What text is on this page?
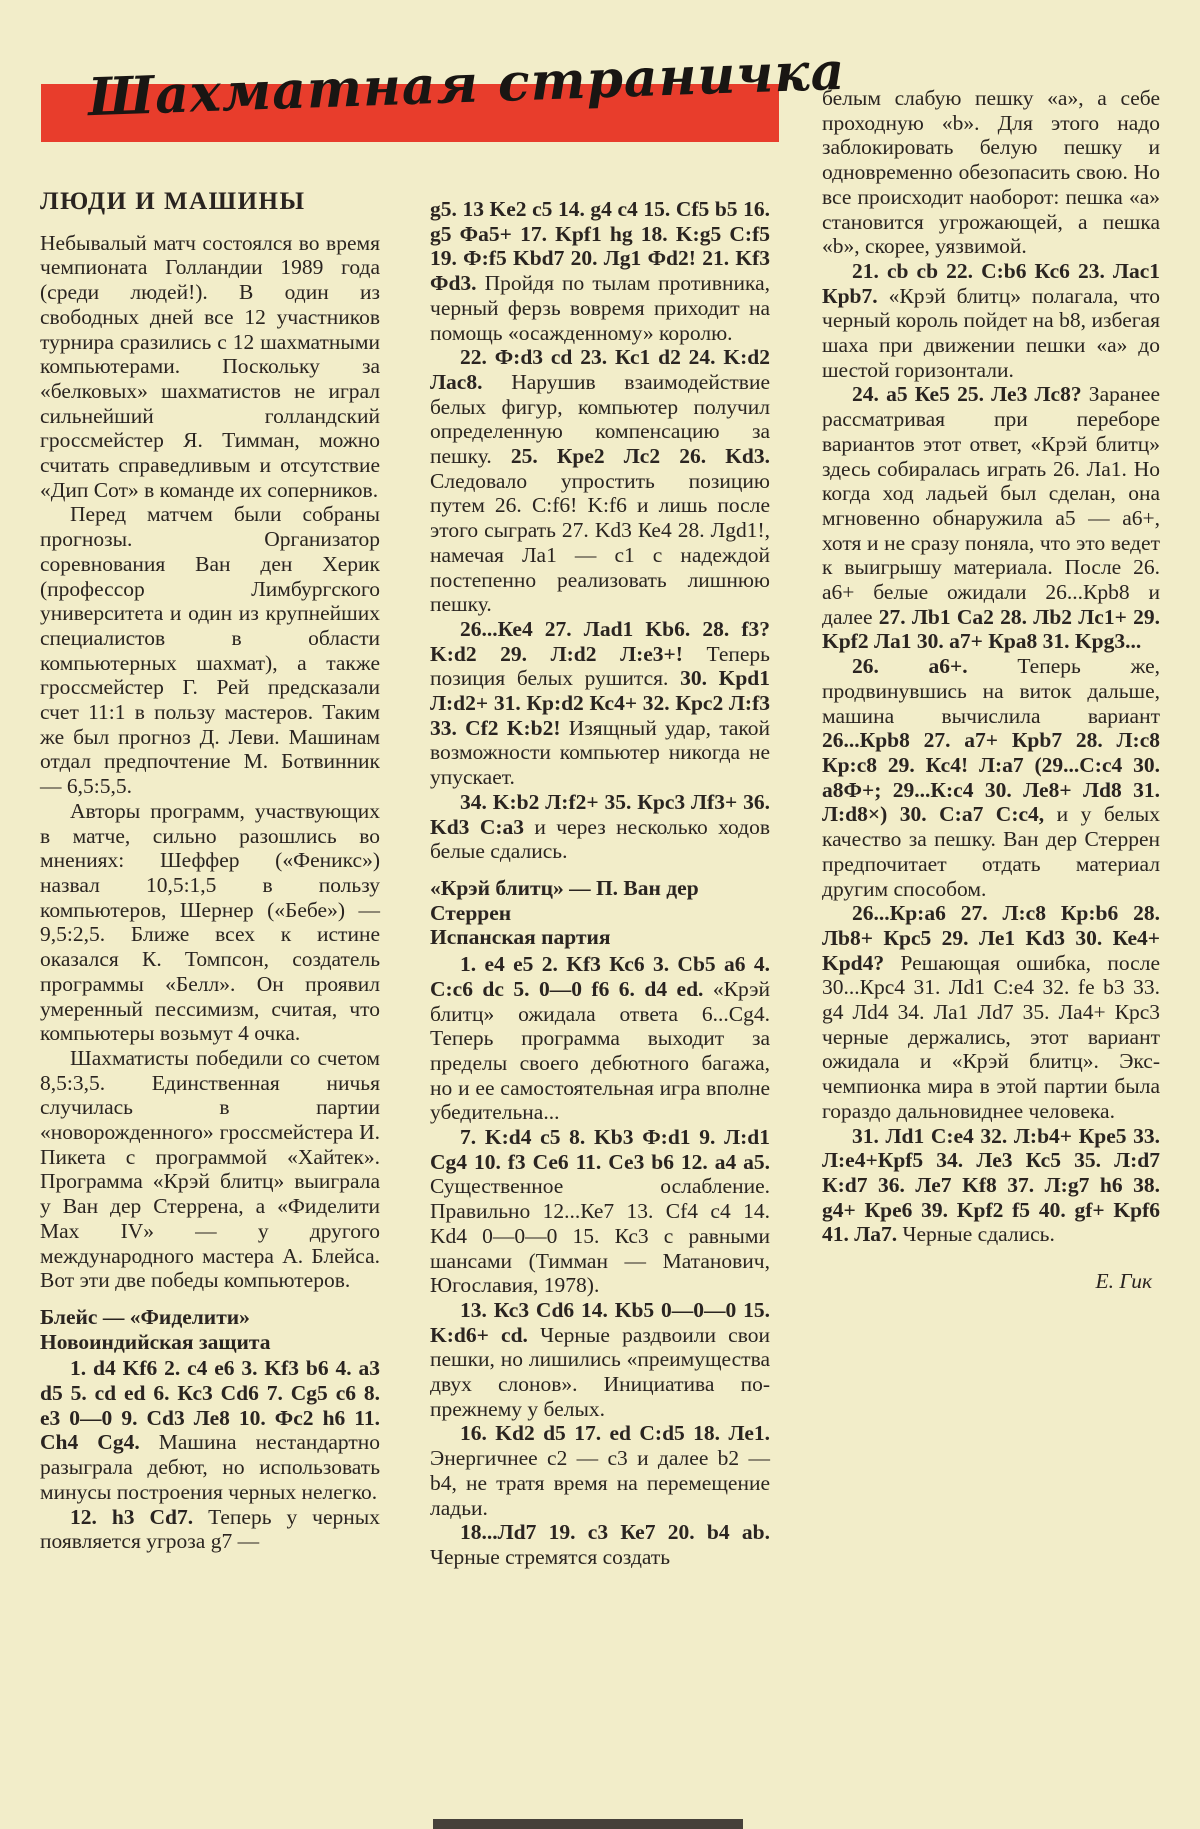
Шахматная страничка
ЛЮДИ И МАШИНЫ

Небывалый матч состоялся во время чемпионата Голландии 1989 года (среди людей!). В один из свободных дней все 12 участников турнира сразились с 12 шахматными компьютерами. Поскольку за «белковых» шахматистов не играл сильнейший голландский гроссмейстер Я. Тимман, можно считать справедливым и отсутствие «Дип Сот» в команде их соперников.

Перед матчем были собраны прогнозы. Организатор соревнования Ван ден Херик (профессор Лимбургского университета и один из крупнейших специалистов в области компьютерных шахмат), а также гроссмейстер Г. Рей предсказали счет 11:1 в пользу мастеров. Таким же был прогноз Д. Леви. Машинам отдал предпочтение М. Ботвинник — 6,5:5,5.

Авторы программ, участвующих в матче, сильно разошлись во мнениях: Шеффер («Феникс») назвал 10,5:1,5 в пользу компьютеров, Шернер («Бебе») — 9,5:2,5. Ближе всех к истине оказался К. Томпсон, создатель программы «Белл». Он проявил умеренный пессимизм, считая, что компьютеры возьмут 4 очка.

Шахматисты победили со счетом 8,5:3,5. Единственная ничья случилась в партии «новорожденного» гроссмейстера И. Пикета с программой «Хайтек». Программа «Крэй блитц» выиграла у Ван дер Стеррена, а «Фиделити Мах IV» — у другого международного мастера А. Блейса. Вот эти две победы компьютеров.

Блейс — «Фиделити»
Новоиндийская защита

1. d4 Kf6 2. c4 e6 3. Kf3 b6 4. a3 d5 5. cd ed 6. Кс3 Cd6 7. Cg5 c6 8. e3 0—0 9. Cd3 Ле8 10. Фс2 h6 11. Ch4 Cg4. Машина нестандартно разыграла дебют, но использовать минусы построения черных нелегко.

12. h3 Cd7. Теперь у черных появляется угроза g7 —

g5. 13 Ke2 c5 14. g4 c4 15. Cf5 b5 16. g5 Фа5+ 17. Kpf1 hg 18. K:g5 C:f5 19. Ф:f5 Kbd7 20. Лg1 Фd2! 21. Kf3 Фd3. Пройдя по тылам противника, черный ферзь вовремя приходит на помощь «осажденному» королю.

22. Ф:d3 cd 23. Кс1 d2 24. K:d2 Лас8. Нарушив взаимодействие белых фигур, компьютер получил определенную компенсацию за пешку. 25. Кре2 Лс2 26. Kd3. Следовало упростить позицию путем 26. C:f6! K:f6 и лишь после этого сыграть 27. Kd3 Ке4 28. Лgd1!, намечая Ла1 — с1 с надеждой постепенно реализовать лишнюю пешку.

26...Ке4 27. Лad1 Kb6. 28. f3? K:d2 29. Л:d2 Л:е3+! Теперь позиция белых рушится. 30. Kpd1 Л:d2+ 31. Кр:d2 Кс4+ 32. Крс2 Л:f3 33. Cf2 K:b2! Изящный удар, такой возможности компьютер никогда не упускает.

34. K:b2 Л:f2+ 35. Крс3 Лf3+ 36. Kd3 С:а3 и через несколько ходов белые сдались.

«Крэй блитц» — П. Ван дер Стеррен
Испанская партия

1. е4 е5 2. Kf3 Кс6 3. Сb5 а6 4. С:с6 dc 5. 0—0 f6 6. d4 ed. «Крэй блитц» ожидала ответа 6...Cg4. Теперь программа выходит за пределы своего дебютного багажа, но и ее самостоятельная игра вполне убедительна...

7. K:d4 c5 8. Kb3 Ф:d1 9. Л:d1 Cg4 10. f3 Се6 11. Се3 b6 12. а4 а5. Существенное ослабление. Правильно 12...Ке7 13. Cf4 с4 14. Kd4 0—0—0 15. Кс3 с равными шансами (Тимман — Матанович, Югославия, 1978).

13. Кс3 Cd6 14. Kb5 0—0—0 15. K:d6+ cd. Черные раздвоили свои пешки, но лишились «преимущества двух слонов». Инициатива по-прежнему у белых.

16. Kd2 d5 17. ed C:d5 18. Ле1. Энергичнее с2 — с3 и далее b2 — b4, не тратя время на перемещение ладьи.

18...Лd7 19. с3 Ке7 20. b4 ab. Черные стремятся создать

белым слабую пешку «а», а себе проходную «b». Для этого надо заблокировать белую пешку и одновременно обезопасить свою. Но все происходит наоборот: пешка «а» становится угрожающей, а пешка «b», скорее, уязвимой.

21. cb cb 22. С:b6 Кс6 23. Лас1 Крb7. «Крэй блитц» полагала, что черный король пойдет на b8, избегая шаха при движении пешки «а» до шестой горизонтали.

24. а5 Ке5 25. Ле3 Лс8? Заранее рассматривая при переборе вариантов этот ответ, «Крэй блитц» здесь собиралась играть 26. Ла1. Но когда ход ладьей был сделан, она мгновенно обнаружила а5 — а6+, хотя и не сразу поняла, что это ведет к выигрышу материала. После 26. а6+ белые ожидали 26...Крb8 и далее 27. Лb1 Са2 28. Лb2 Лс1+ 29. Kpf2 Ла1 30. а7+ Кра8 31. Kpg3...

26. а6+. Теперь же, продвинувшись на виток дальше, машина вычислила вариант 26...Крb8 27. а7+ Крb7 28. Л:с8 Кр:с8 29. Кс4! Л:а7 (29...С:с4 30. а8Ф+; 29...К:с4 30. Ле8+ Лd8 31. Л:d8×) 30. С:а7 С:с4, и у белых качество за пешку. Ван дер Стеррен предпочитает отдать материал другим способом.

26...Кр:а6 27. Л:с8 Кр:b6 28. Лb8+ Крс5 29. Ле1 Kd3 30. Ке4+ Kpd4? Решающая ошибка, после 30...Крс4 31. Лd1 С:е4 32. fe b3 33. g4 Лd4 34. Ла1 Лd7 35. Ла4+ Крс3 черные держались, этот вариант ожидала и «Крэй блитц». Экс-чемпионка мира в этой партии была гораздо дальновиднее человека.

31. Лd1 С:е4 32. Л:b4+ Кре5 33. Л:е4+Крf5 34. Ле3 Кс5 35. Л:d7 К:d7 36. Ле7 Kf8 37. Л:g7 h6 38. g4+ Кре6 39. Kpf2 f5 40. gf+ Kpf6 41. Ла7. Черные сдались.

Е. Гик
